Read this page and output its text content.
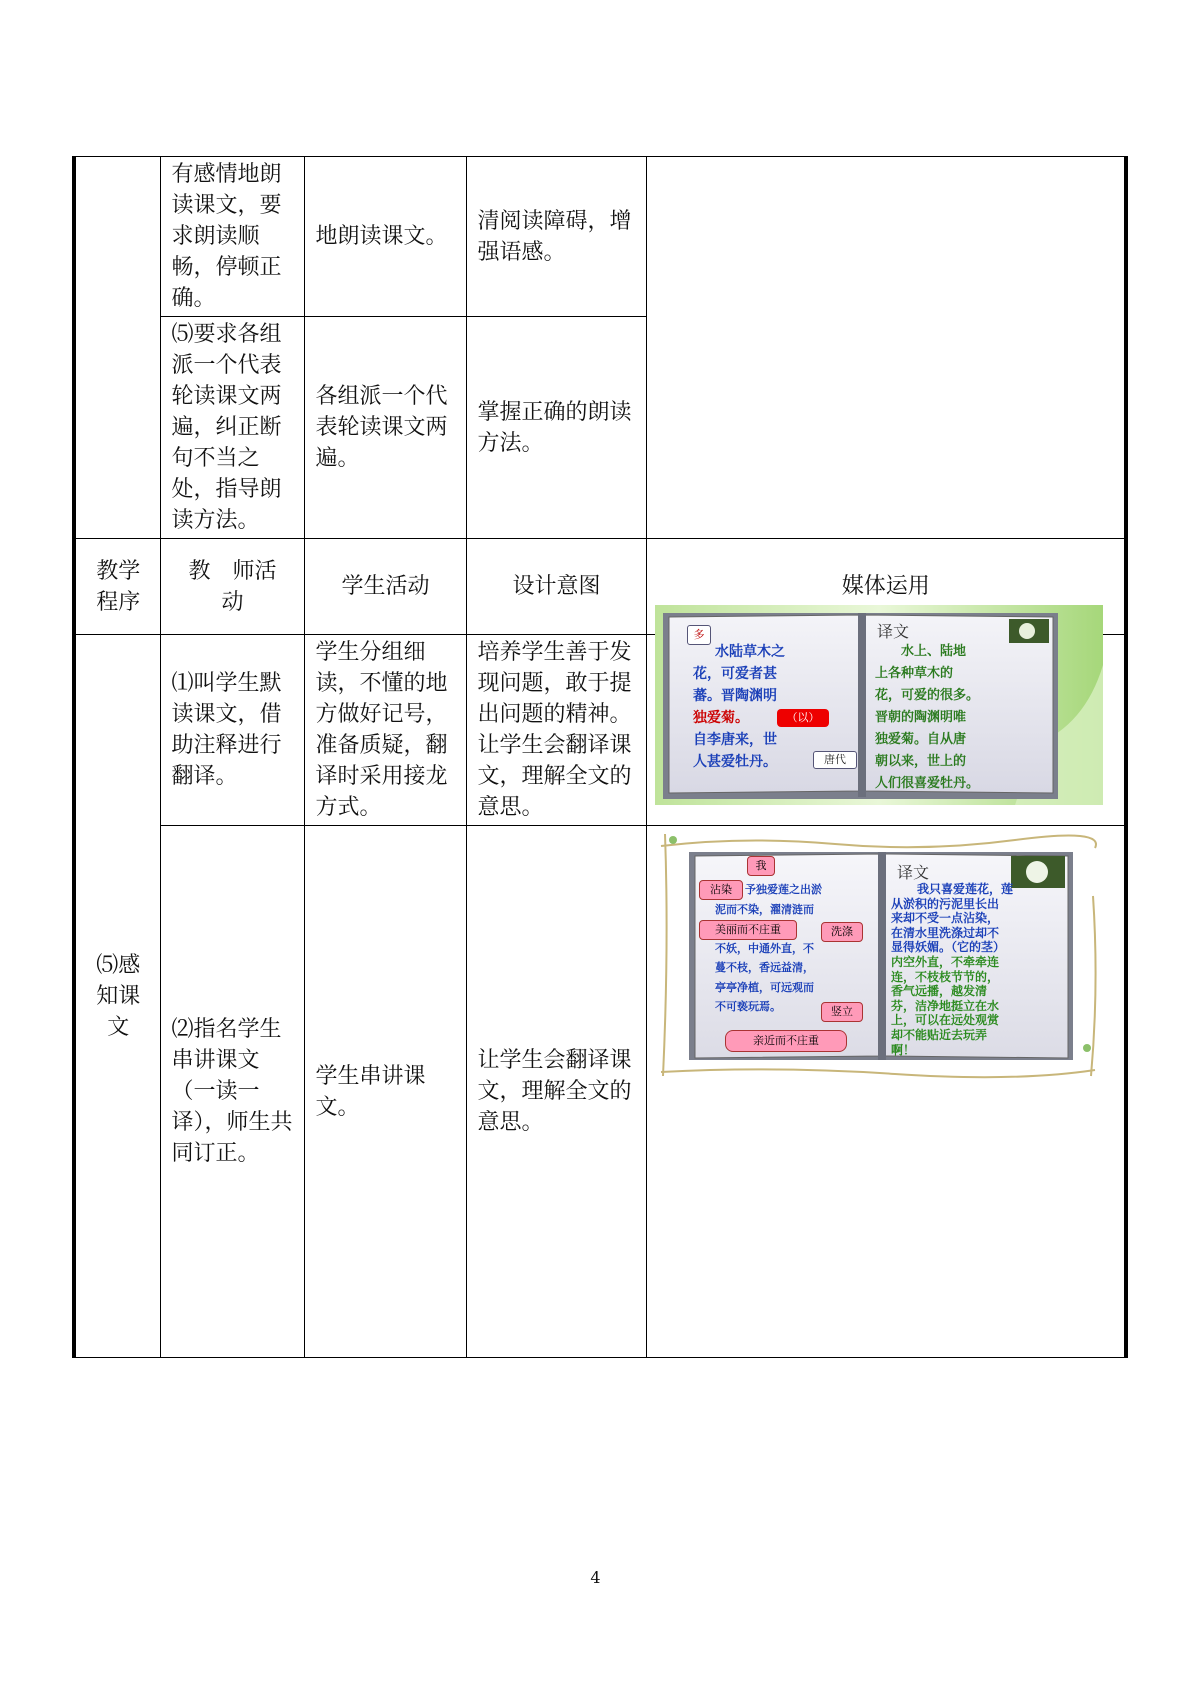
	有感情地朗读课文，要求朗读顺畅，停顿正确。	地朗读课文。	清阅读障碍，增强语感。	
	⑸要求各组派一个代表轮读课文两遍，纠正断句不当之处，指导朗读方法。	各组派一个代表轮读课文两遍。	掌握正确的朗读方法。	
教学程序	教　师活　动	学生活动	设计意图	媒体运用
⑸感知课文	⑴叫学生默读课文，借助注释进行翻译。	学生分组细读，不懂的地方做好记号，准备质疑，翻译时采用接龙方式。	培养学生善于发现问题，敢于提出问题的精神。让学生会翻译课文，理解全文的意思。	
	⑵指名学生串讲课文（一读一译），师生共同订正。	学生串讲课文。	让学生会翻译课文，理解全文的意思。	
多
水陆草木之
花，可爱者甚
蕃。晋陶渊明
独爱菊。
自李唐来，世
人甚爱牡丹。
（以）
唐代
译文
水上、陆地
上各种草木的
花，可爱的很多。
晋朝的陶渊明唯
独爱菊。自从唐
朝以来，世上的
人们很喜爱牡丹。
我
沾染	予独爱莲之出淤
泥而不染，濯清涟而
不妖，中通外直，不
蔓不枝，香远益清，
亭亭净植，可远观而
不可亵玩焉。
美丽而不庄重	洗涤
竖立
亲近而不庄重
译文
我只喜爱莲花，莲
从淤积的污泥里长出
来却不受一点沾染，
在清水里洗涤过却不
显得妖媚。（它的茎）
内空外直，不牵牵连
连，不枝枝节节的，
香气远播，越发清
芬，洁净地挺立在水
上，可以在远处观赏
却不能贴近去玩弄
啊！
4
